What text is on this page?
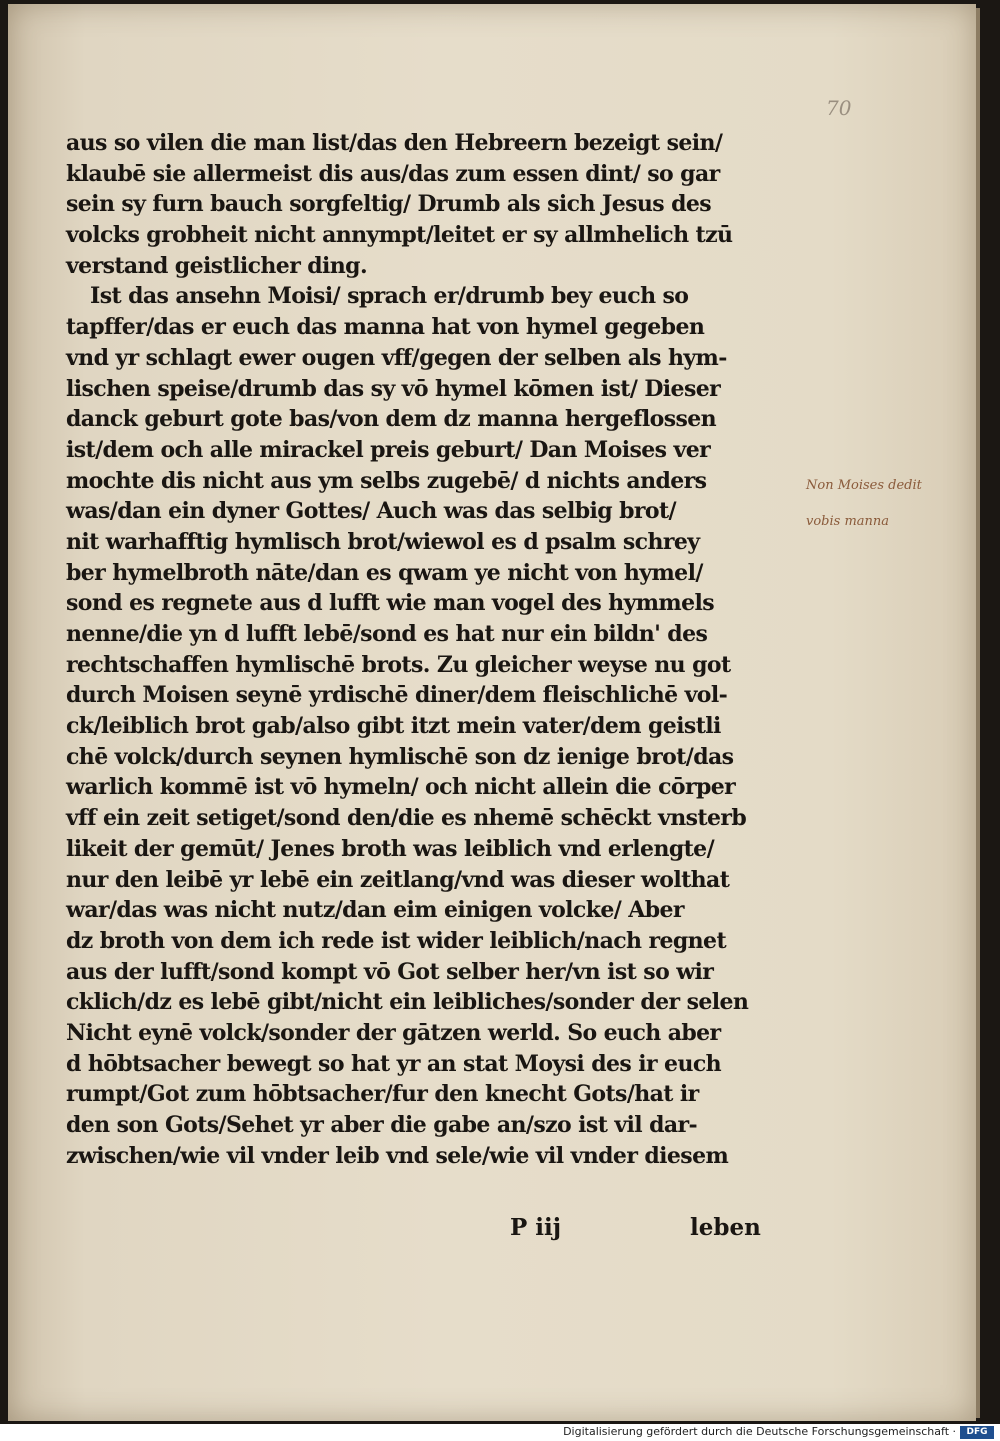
70
aus so vilen die man list/das den Hebreern bezeigt sein/
klaubē sie allermeist dis aus/das zum essen dint/ so gar
sein sy furn bauch sorgfeltig/ Drumb als sich Jesus des
volcks grobheit nicht annympt/leitet er sy allmhelich tzū
verstand geistlicher ding.
Ist das ansehn Moisi/ sprach er/drumb bey euch so
tapffer/das er euch das manna hat von hymel gegeben
vnd yr schlagt ewer ougen vff/gegen der selben als hym-
lischen speise/drumb das sy vō hymel kōmen ist/ Dieser
danck geburt gote bas/von dem dz manna hergeflossen
ist/dem och alle mirackel preis geburt/ Dan Moises ver
mochte dis nicht aus ym selbs zugebē/ d nichts anders
was/dan ein dyner Gottes/ Auch was das selbig brot/
nit warhafftig hymlisch brot/wiewol es d psalm schrey
ber hymelbroth nāte/dan es qwam ye nicht von hymel/
sond es regnete aus d lufft wie man vogel des hymmels
nenne/die yn d lufft lebē/sond es hat nur ein bildn' des
rechtschaffen hymlischē brots. Zu gleicher weyse nu got
durch Moisen seynē yrdischē diner/dem fleischlichē vol-
ck/leiblich brot gab/also gibt itzt mein vater/dem geistli
chē volck/durch seynen hymlischē son dz ienige brot/das
warlich kommē ist vō hymeln/ och nicht allein die cōrper
vff ein zeit setiget/sond den/die es nhemē schēckt vnsterb
likeit der gemūt/ Jenes broth was leiblich vnd erlengte/
nur den leibē yr lebē ein zeitlang/vnd was dieser wolthat
war/das was nicht nutz/dan eim einigen volcke/ Aber
dz broth von dem ich rede ist wider leiblich/nach regnet
aus der lufft/sond kompt vō Got selber her/vn ist so wir
cklich/dz es lebē gibt/nicht ein leibliches/sonder der selen
Nicht eynē volck/sonder der gātzen werld. So euch aber
d hōbtsacher bewegt so hat yr an stat Moysi des ir euch
rumpt/Got zum hōbtsacher/fur den knecht Gots/hat ir
den son Gots/Sehet yr aber die gabe an/szo ist vil dar-
zwischen/wie vil vnder leib vnd sele/wie vil vnder diesem
P iij	leben
Non Moises dedit
vobis manna
Digitalisierung gefördert durch die Deutsche Forschungsgemeinschaft ·	DFG
